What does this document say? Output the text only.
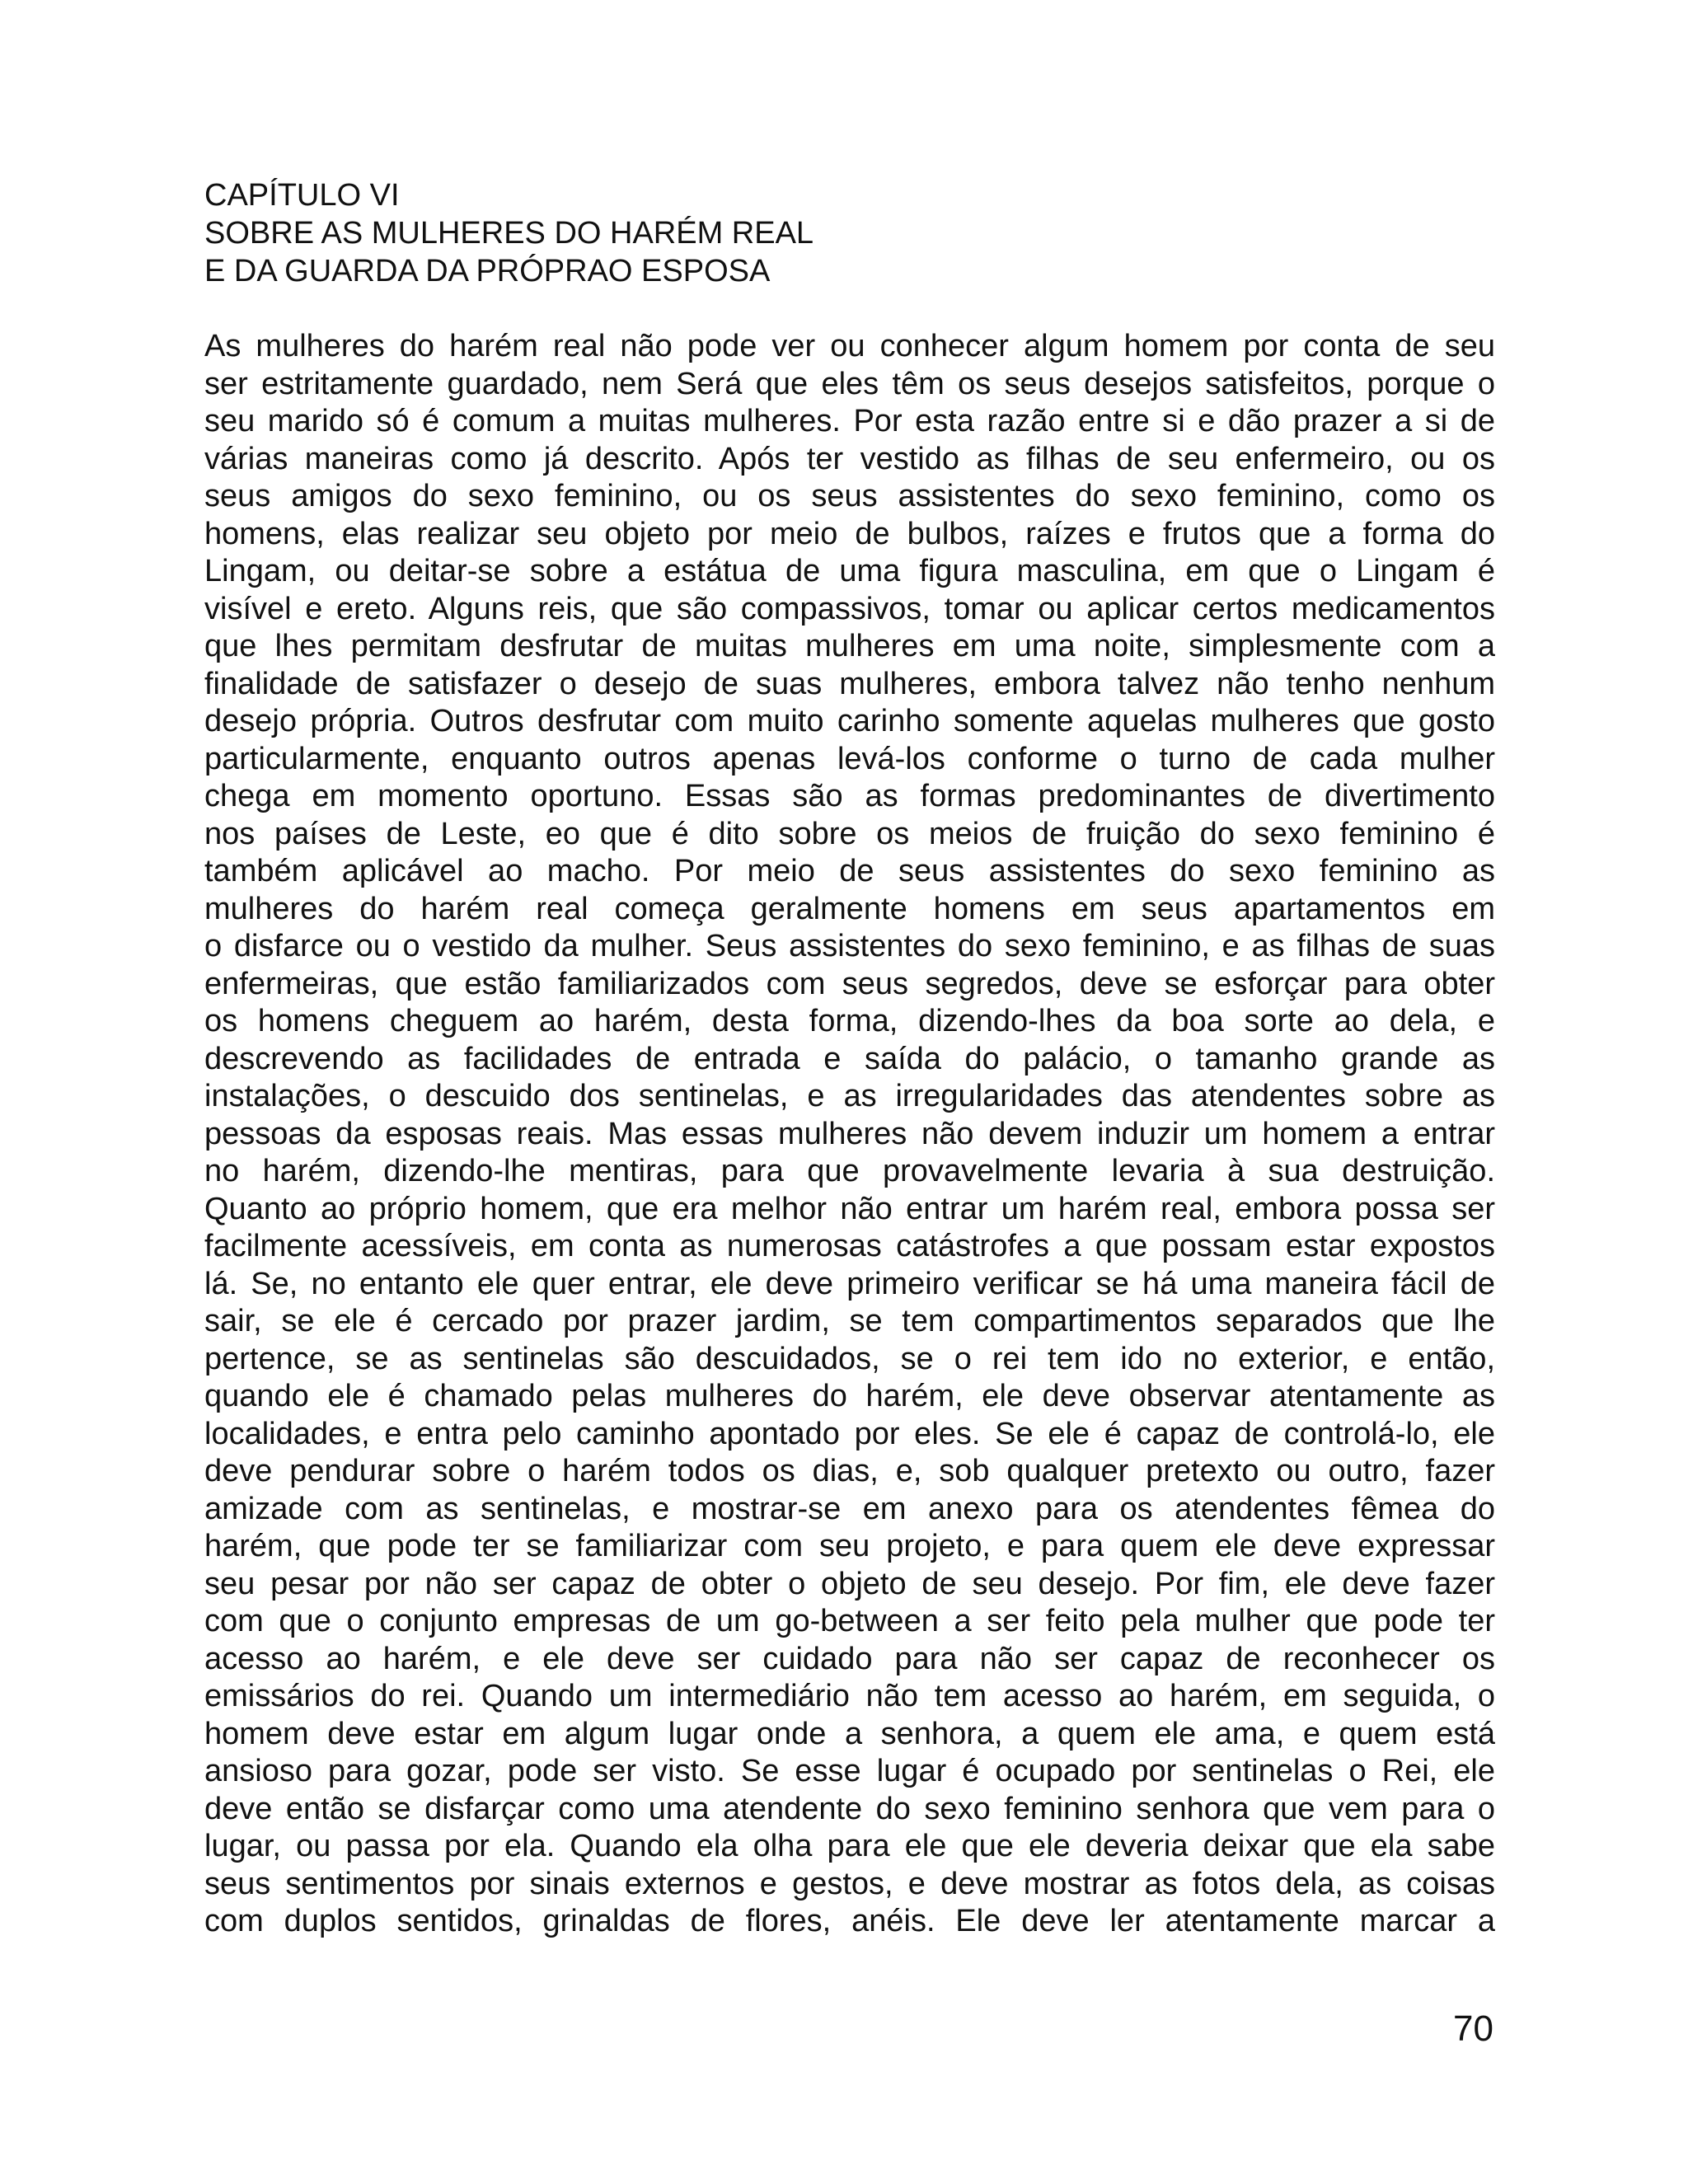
CAPÍTULO VI
SOBRE AS MULHERES DO HARÉM REAL
E DA GUARDA DA PRÓPRAO ESPOSA
As mulheres do harém real não pode ver ou conhecer algum homem por conta de seu
ser estritamente guardado, nem Será que eles têm os seus desejos satisfeitos, porque o
seu marido só é comum a muitas mulheres. Por esta razão entre si e dão prazer a si de
várias maneiras como já descrito. Após ter vestido as filhas de seu enfermeiro, ou os
seus amigos do sexo feminino, ou os seus assistentes do sexo feminino, como os
homens, elas realizar seu objeto por meio de bulbos, raízes e frutos que a forma do
Lingam, ou deitar-se sobre a estátua de uma figura masculina, em que o Lingam é
visível e ereto. Alguns reis, que são compassivos, tomar ou aplicar certos medicamentos
que lhes permitam desfrutar de muitas mulheres em uma noite, simplesmente com a
finalidade de satisfazer o desejo de suas mulheres, embora talvez não tenho nenhum
desejo própria. Outros desfrutar com muito carinho somente aquelas mulheres que gosto
particularmente, enquanto outros apenas levá-los conforme o turno de cada mulher
chega em momento oportuno. Essas são as formas predominantes de divertimento
nos países de Leste, eo que é dito sobre os meios de fruição do sexo feminino é
também aplicável ao macho. Por meio de seus assistentes do sexo feminino as
mulheres do harém real começa geralmente homens em seus apartamentos em
o disfarce ou o vestido da mulher. Seus assistentes do sexo feminino, e as filhas de suas
enfermeiras, que estão familiarizados com seus segredos, deve se esforçar para obter
os homens cheguem ao harém, desta forma, dizendo-lhes da boa sorte ao dela, e
descrevendo as facilidades de entrada e saída do palácio, o tamanho grande as
instalações, o descuido dos sentinelas, e as irregularidades das atendentes sobre as
pessoas da esposas reais. Mas essas mulheres não devem induzir um homem a entrar
no harém, dizendo-lhe mentiras, para que provavelmente levaria à sua destruição.
Quanto ao próprio homem, que era melhor não entrar um harém real, embora possa ser
facilmente acessíveis, em conta as numerosas catástrofes a que possam estar expostos
lá. Se, no entanto ele quer entrar, ele deve primeiro verificar se há uma maneira fácil de
sair, se ele é cercado por prazer jardim, se tem compartimentos separados que lhe
pertence, se as sentinelas são descuidados, se o rei tem ido no exterior, e então,
quando ele é chamado pelas mulheres do harém, ele deve observar atentamente as
localidades, e entra pelo caminho apontado por eles. Se ele é capaz de controlá-lo, ele
deve pendurar sobre o harém todos os dias, e, sob qualquer pretexto ou outro, fazer
amizade com as sentinelas, e mostrar-se em anexo para os atendentes fêmea do
harém, que pode ter se familiarizar com seu projeto, e para quem ele deve expressar
seu pesar por não ser capaz de obter o objeto de seu desejo. Por fim, ele deve fazer
com que o conjunto empresas de um go-between a ser feito pela mulher que pode ter
acesso ao harém, e ele deve ser cuidado para não ser capaz de reconhecer os
emissários do rei. Quando um intermediário não tem acesso ao harém, em seguida, o
homem deve estar em algum lugar onde a senhora, a quem ele ama, e quem está
ansioso para gozar, pode ser visto. Se esse lugar é ocupado por sentinelas o Rei, ele
deve então se disfarçar como uma atendente do sexo feminino senhora que vem para o
lugar, ou passa por ela. Quando ela olha para ele que ele deveria deixar que ela sabe
seus sentimentos por sinais externos e gestos, e deve mostrar as fotos dela, as coisas
com duplos sentidos, grinaldas de flores, anéis. Ele deve ler atentamente marcar a
70
